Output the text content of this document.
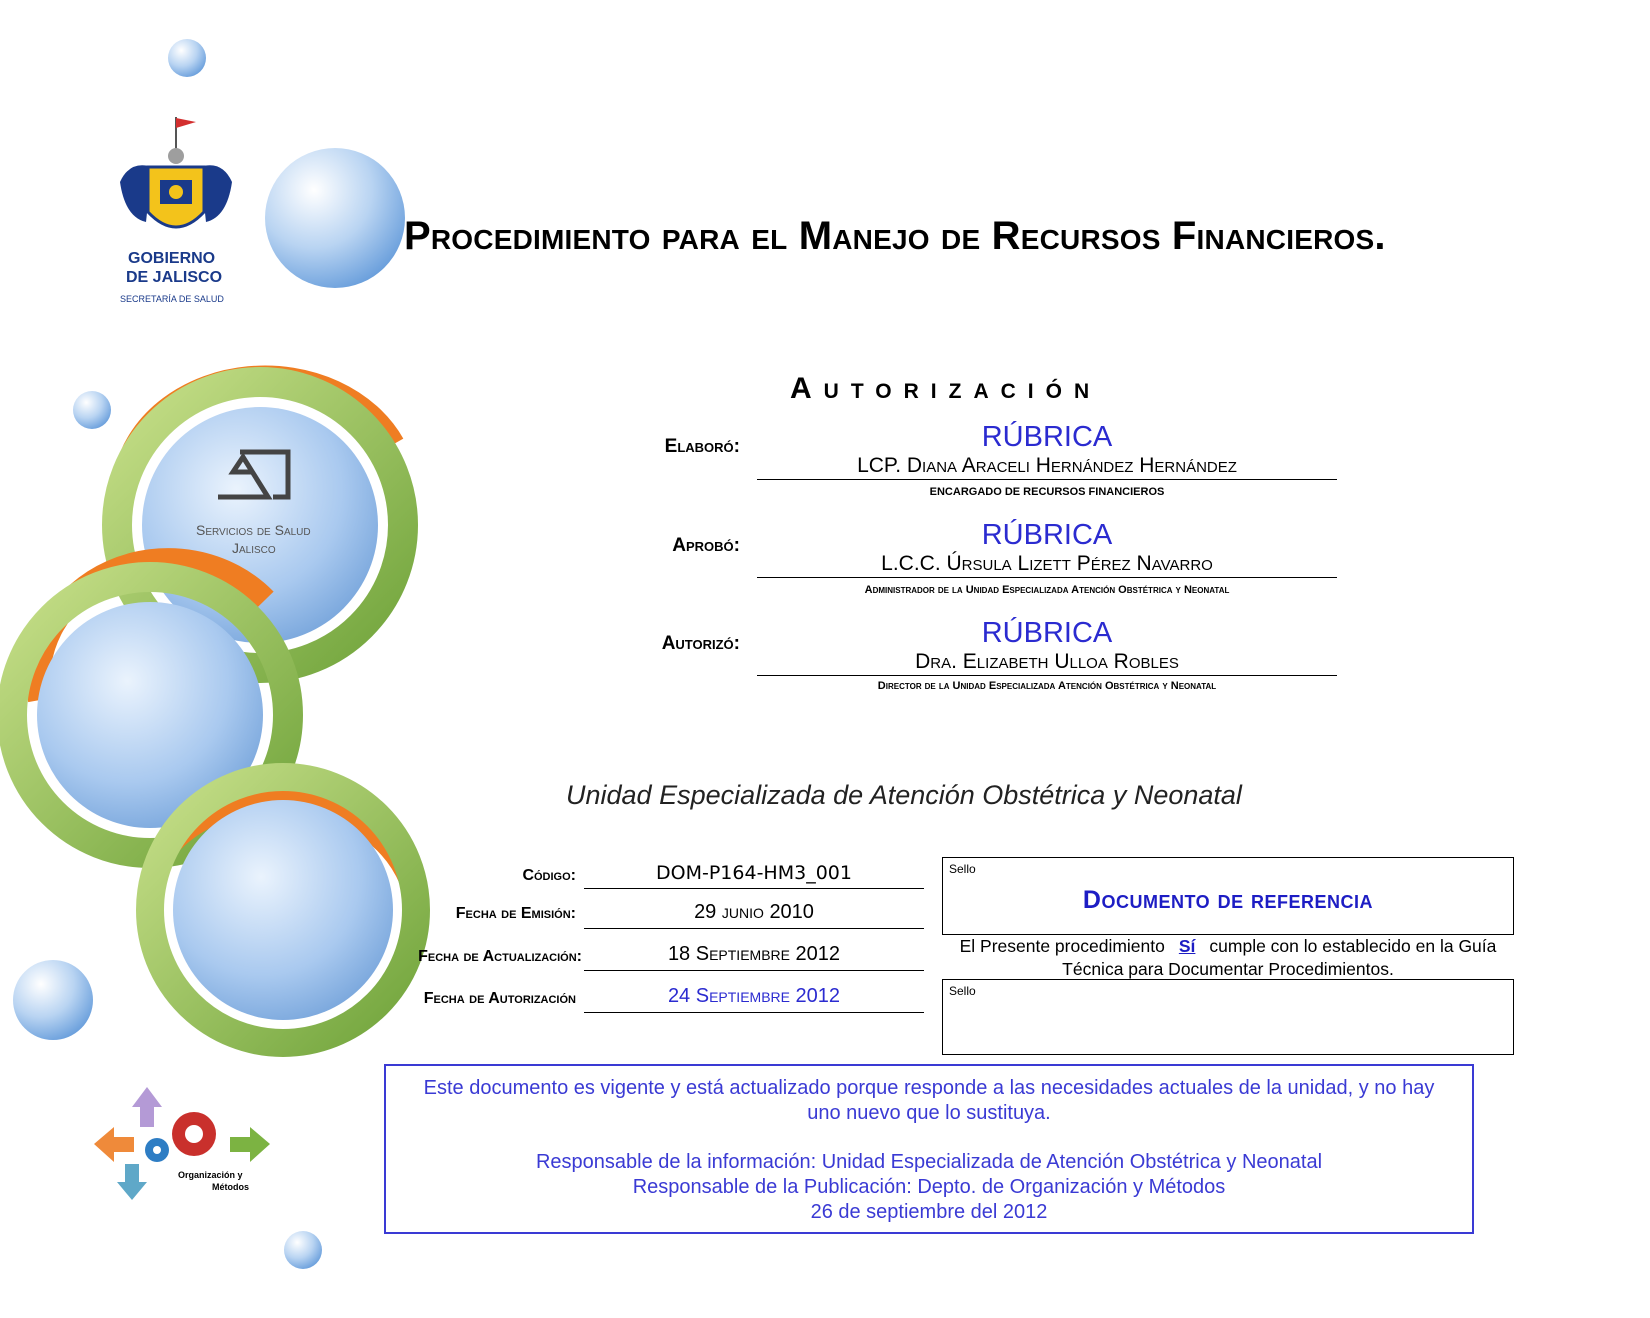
GOBIERNO
DE JALISCO
SECRETARÍA DE SALUD
Servicios de Salud
Jalisco
Organización y
Métodos
Procedimiento para el Manejo de Recursos Financieros.
Autorización
Elaboró:	RÚBRICA
LCP. Diana Araceli Hernández Hernández
ENCARGADO DE RECURSOS FINANCIEROS
Aprobó:	RÚBRICA
L.C.C. Úrsula Lizett Pérez Navarro
Administrador de la Unidad Especializada Atención Obstétrica y Neonatal
Autorizó:	RÚBRICA
Dra. Elizabeth Ulloa Robles
Director de la Unidad Especializada Atención Obstétrica y Neonatal
Unidad Especializada de Atención Obstétrica y Neonatal
Código:	DOM-P164-HM3_001
Fecha de Emisión:	29 junio 2010
Fecha de Actualización:	18 Septiembre 2012
Fecha de Autorización	24 Septiembre 2012
Sello
Documento de referencia
El Presente procedimiento Sí cumple con lo establecido en la Guía Técnica para Documentar Procedimientos.
Sello
Este documento es vigente y está actualizado porque responde a las necesidades actuales de la unidad, y no hay uno nuevo que lo sustituya.
Responsable de la información: Unidad Especializada de Atención Obstétrica y Neonatal
Responsable de la Publicación: Depto. de Organización y Métodos
26 de septiembre del 2012
